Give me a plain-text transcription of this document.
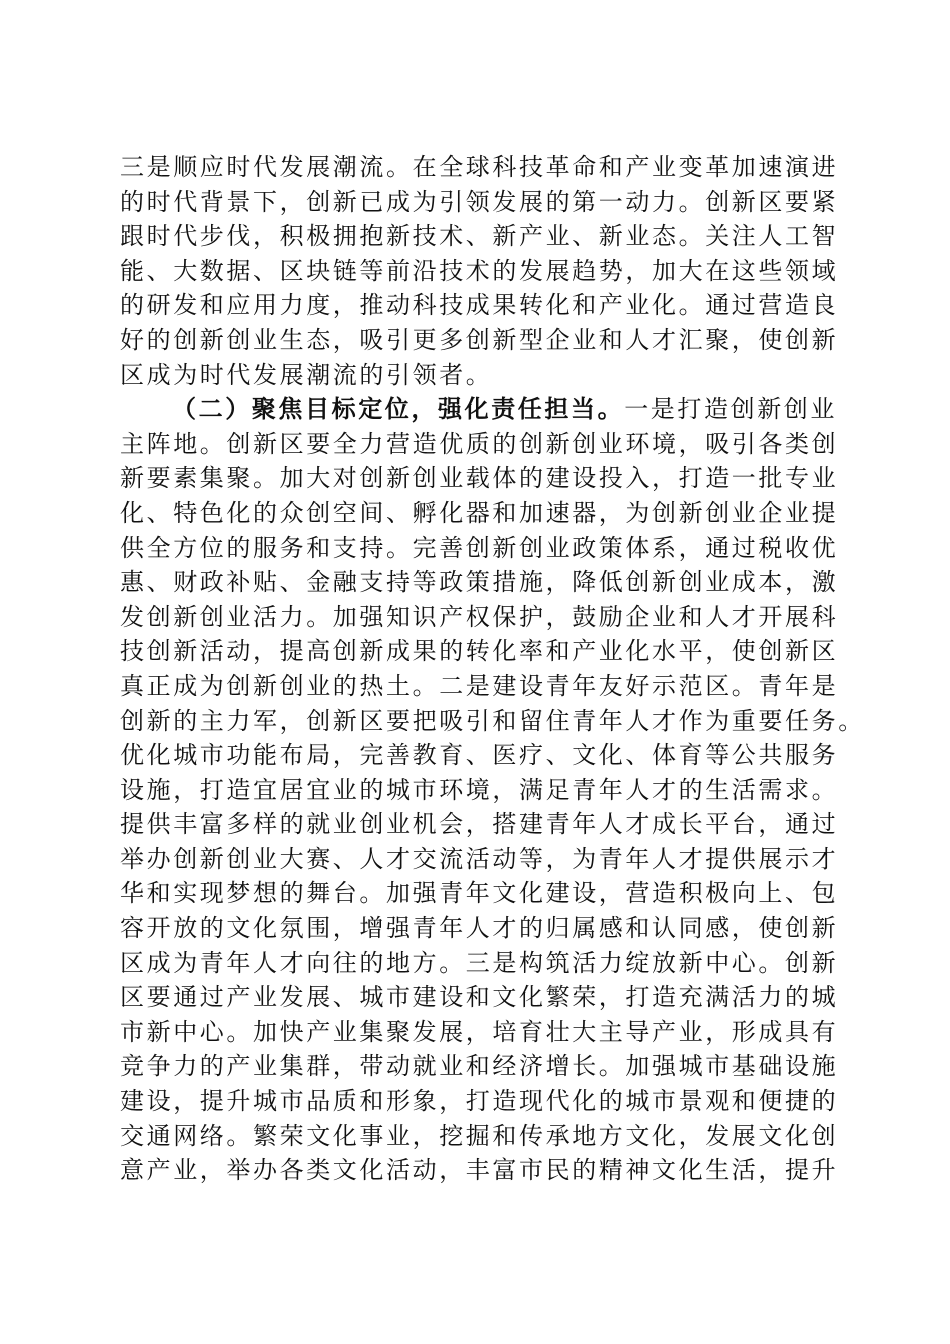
三是顺应时代发展潮流。在全球科技革命和产业变革加速演进
的时代背景下，创新已成为引领发展的第一动力。创新区要紧
跟时代步伐，积极拥抱新技术、新产业、新业态。关注人工智
能、大数据、区块链等前沿技术的发展趋势，加大在这些领域
的研发和应用力度，推动科技成果转化和产业化。通过营造良
好的创新创业生态，吸引更多创新型企业和人才汇聚，使创新
区成为时代发展潮流的引领者。
（二）聚焦目标定位，强化责任担当。一是打造创新创业
主阵地。创新区要全力营造优质的创新创业环境，吸引各类创
新要素集聚。加大对创新创业载体的建设投入，打造一批专业
化、特色化的众创空间、孵化器和加速器，为创新创业企业提
供全方位的服务和支持。完善创新创业政策体系，通过税收优
惠、财政补贴、金融支持等政策措施，降低创新创业成本，激
发创新创业活力。加强知识产权保护，鼓励企业和人才开展科
技创新活动，提高创新成果的转化率和产业化水平，使创新区
真正成为创新创业的热土。二是建设青年友好示范区。青年是
创新的主力军，创新区要把吸引和留住青年人才作为重要任务。
优化城市功能布局，完善教育、医疗、文化、体育等公共服务
设施，打造宜居宜业的城市环境，满足青年人才的生活需求。
提供丰富多样的就业创业机会，搭建青年人才成长平台，通过
举办创新创业大赛、人才交流活动等，为青年人才提供展示才
华和实现梦想的舞台。加强青年文化建设，营造积极向上、包
容开放的文化氛围，增强青年人才的归属感和认同感，使创新
区成为青年人才向往的地方。三是构筑活力绽放新中心。创新
区要通过产业发展、城市建设和文化繁荣，打造充满活力的城
市新中心。加快产业集聚发展，培育壮大主导产业，形成具有
竞争力的产业集群，带动就业和经济增长。加强城市基础设施
建设，提升城市品质和形象，打造现代化的城市景观和便捷的
交通网络。繁荣文化事业，挖掘和传承地方文化，发展文化创
意产业，举办各类文化活动，丰富市民的精神文化生活，提升
